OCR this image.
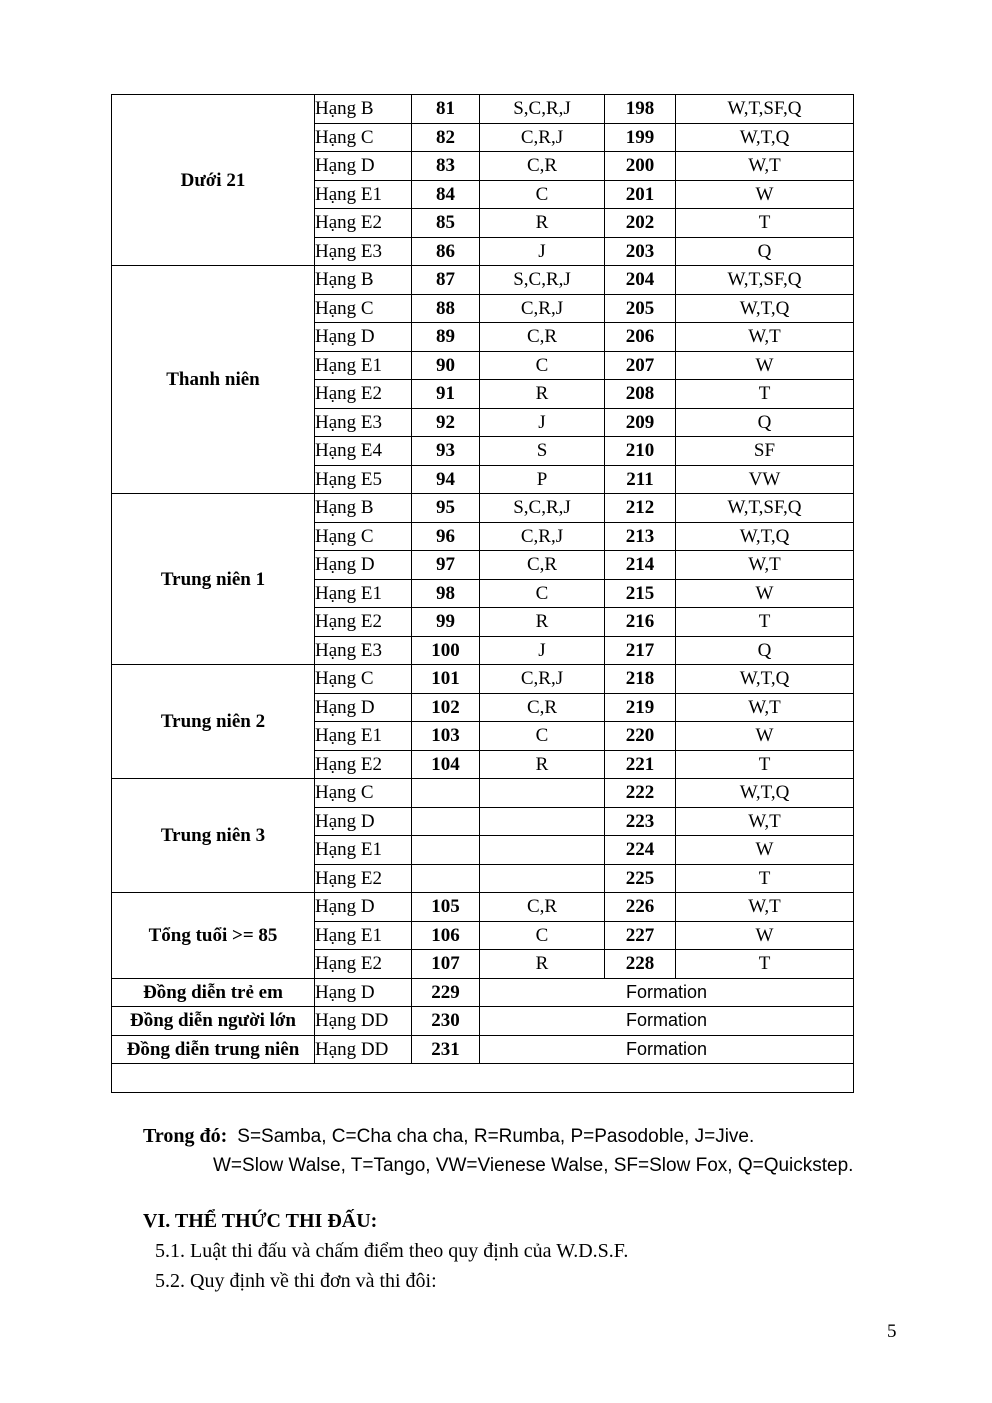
Dưới 21	Hạng B	81	S,C,R,J	198	W,T,SF,Q
	Hạng C	82	C,R,J	199	W,T,Q
	Hạng D	83	C,R	200	W,T
	Hạng E1	84	C	201	W
	Hạng E2	85	R	202	T
	Hạng E3	86	J	203	Q
Thanh niên	Hạng B	87	S,C,R,J	204	W,T,SF,Q
	Hạng C	88	C,R,J	205	W,T,Q
	Hạng D	89	C,R	206	W,T
	Hạng E1	90	C	207	W
	Hạng E2	91	R	208	T
	Hạng E3	92	J	209	Q
	Hạng E4	93	S	210	SF
	Hạng E5	94	P	211	VW
Trung niên 1	Hạng B	95	S,C,R,J	212	W,T,SF,Q
	Hạng C	96	C,R,J	213	W,T,Q
	Hạng D	97	C,R	214	W,T
	Hạng E1	98	C	215	W
	Hạng E2	99	R	216	T
	Hạng E3	100	J	217	Q
Trung niên 2	Hạng C	101	C,R,J	218	W,T,Q
	Hạng D	102	C,R	219	W,T
	Hạng E1	103	C	220	W
	Hạng E2	104	R	221	T
Trung niên 3	Hạng C			222	W,T,Q
	Hạng D			223	W,T
	Hạng E1			224	W
	Hạng E2			225	T
Tổng tuổi >= 85	Hạng D	105	C,R	226	W,T
	Hạng E1	106	C	227	W
	Hạng E2	107	R	228	T
Đồng diễn trẻ em	Hạng D	229	Formation		
Đồng diễn người lớn	Hạng DD	230	Formation		
Đồng diễn trung niên	Hạng DD	231	Formation		

Trong đó: S=Samba, C=Cha cha cha, R=Rumba, P=Pasodoble, J=Jive.
W=Slow Walse, T=Tango, VW=Vienese Walse, SF=Slow Fox, Q=Quickstep.
VI. THỂ THỨC THI ĐẤU:
5.1. Luật thi đấu và chấm điểm theo quy định của W.D.S.F.
5.2. Quy định về thi đơn và thi đôi:
5
